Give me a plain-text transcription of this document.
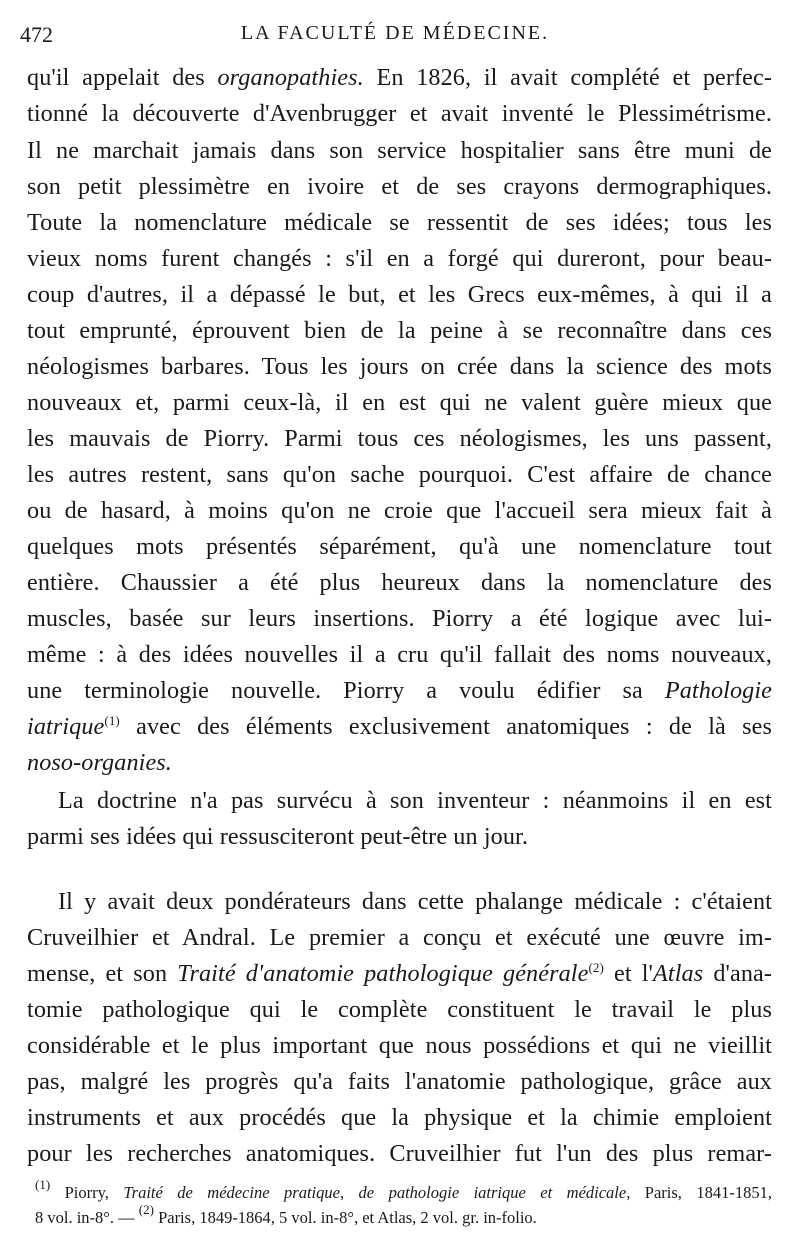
472	LA FACULTÉ DE MÉDECINE.
qu'il appelait des organopathies. En 1826, il avait complété et perfec-
tionné la découverte d'Avenbrugger et avait inventé le Plessimétrisme.
Il ne marchait jamais dans son service hospitalier sans être muni de
son petit plessimètre en ivoire et de ses crayons dermographiques.
Toute la nomenclature médicale se ressentit de ses idées; tous les
vieux noms furent changés : s'il en a forgé qui dureront, pour beau-
coup d'autres, il a dépassé le but, et les Grecs eux-mêmes, à qui il a
tout emprunté, éprouvent bien de la peine à se reconnaître dans ces
néologismes barbares. Tous les jours on crée dans la science des mots
nouveaux et, parmi ceux-là, il en est qui ne valent guère mieux que
les mauvais de Piorry. Parmi tous ces néologismes, les uns passent,
les autres restent, sans qu'on sache pourquoi. C'est affaire de chance
ou de hasard, à moins qu'on ne croie que l'accueil sera mieux fait à
quelques mots présentés séparément, qu'à une nomenclature tout
entière. Chaussier a été plus heureux dans la nomenclature des
muscles, basée sur leurs insertions. Piorry a été logique avec lui-
même : à des idées nouvelles il a cru qu'il fallait des noms nouveaux,
une terminologie nouvelle. Piorry a voulu édifier sa Pathologie
iatrique$^{(1)}$ avec des éléments exclusivement anatomiques : de là ses
noso-organies.
La doctrine n'a pas survécu à son inventeur : néanmoins il en est
parmi ses idées qui ressusciteront peut-être un jour.
Il y avait deux pondérateurs dans cette phalange médicale : c'étaient
Cruveilhier et Andral. Le premier a conçu et exécuté une œuvre im-
mense, et son Traité d'anatomie pathologique générale$^{(2)}$ et l'Atlas d'ana-
tomie pathologique qui le complète constituent le travail le plus
considérable et le plus important que nous possédions et qui ne vieillit
pas, malgré les progrès qu'a faits l'anatomie pathologique, grâce aux
instruments et aux procédés que la physique et la chimie emploient
pour les recherches anatomiques. Cruveilhier fut l'un des plus remar-
$^{(1)}$ Piorry, Traité de médecine pratique, de pathologie iatrique et médicale, Paris, 1841-1851,
8 vol. in-8°. — $^{(2)}$ Paris, 1849-1864, 5 vol. in-8°, et Atlas, 2 vol. gr. in-folio.
